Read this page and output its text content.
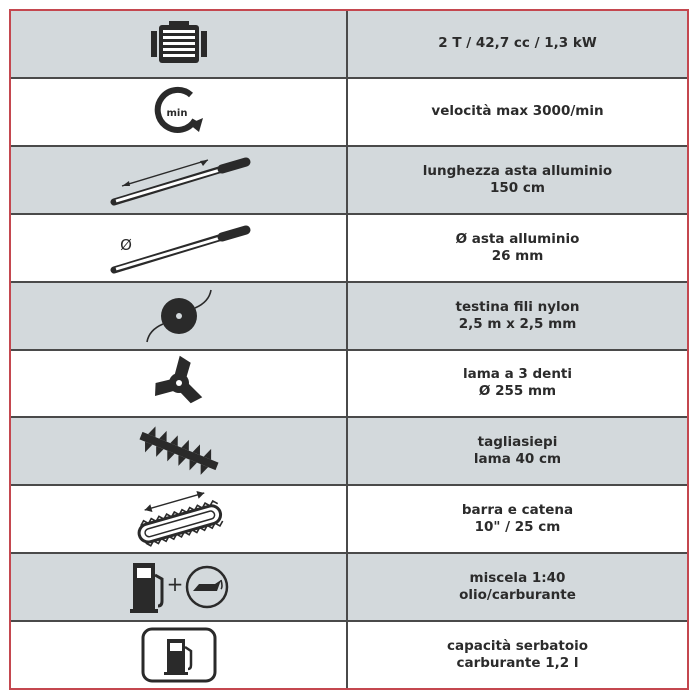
2 T / 42,7 cc / 1,3 kW
min	velocità max 3000/min
lunghezza asta alluminio
150 cm
Ø	Ø asta alluminio
26 mm
testina fili nylon
2,5 m x 2,5 mm
lama a 3 denti
Ø 255 mm
tagliasiepi
lama 40 cm
barra e catena
10" / 25 cm
+	miscela 1:40
olio/carburante
capacità serbatoio
carburante 1,2 l
